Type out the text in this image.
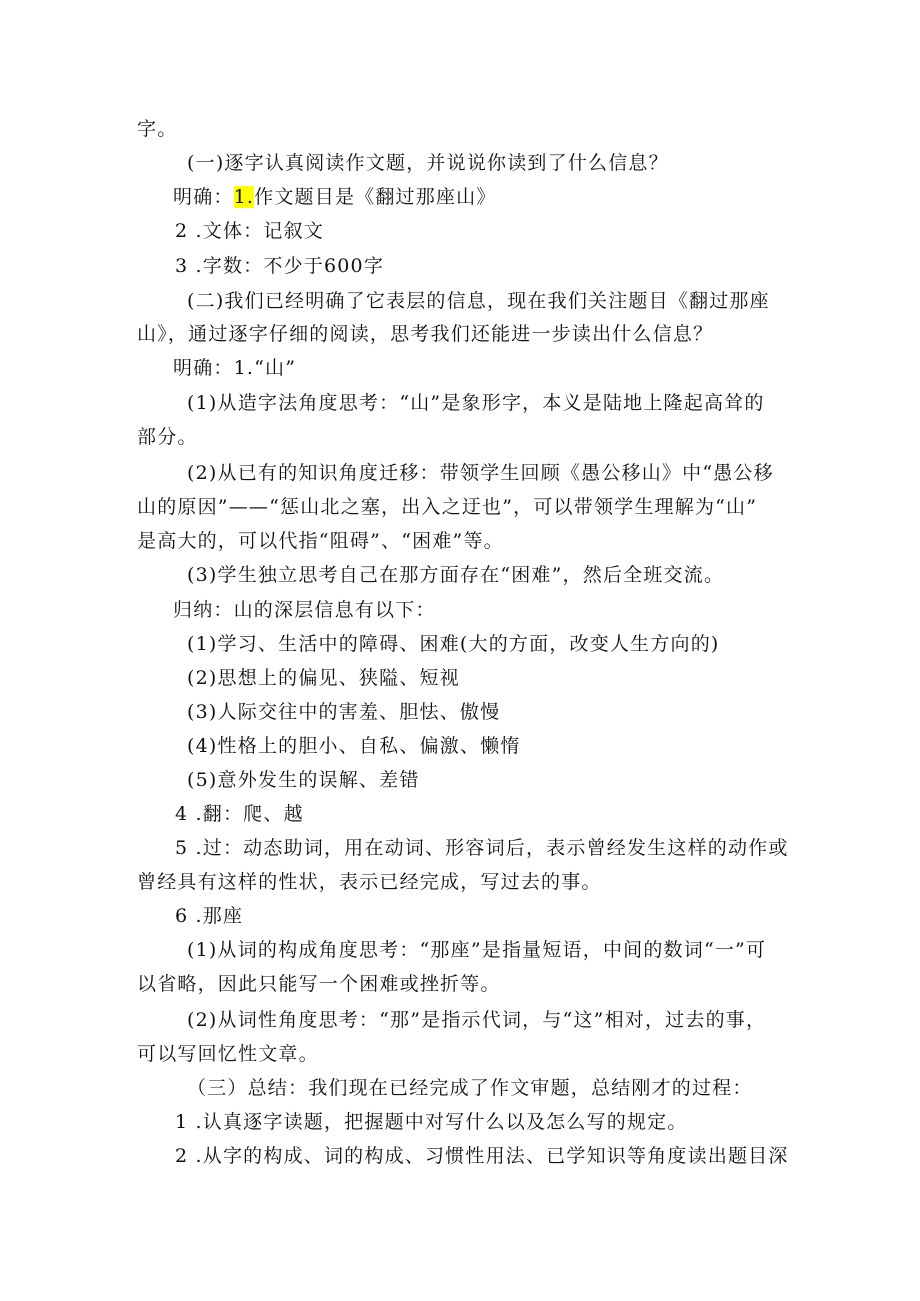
字。
(一)逐字认真阅读作文题，并说说你读到了什么信息？
明确：1.作文题目是《翻过那座山》
2 .文体：记叙文
3 .字数：不少于600字
(二)我们已经明确了它表层的信息，现在我们关注题目《翻过那座
山》，通过逐字仔细的阅读，思考我们还能进一步读出什么信息？
明确：1.“山”
(1)从造字法角度思考：“山”是象形字，本义是陆地上隆起高耸的
部分。
(2)从已有的知识角度迁移：带领学生回顾《愚公移山》中“愚公移
山的原因”——“惩山北之塞，出入之迂也”，可以带领学生理解为“山”
是高大的，可以代指“阻碍”、“困难”等。
(3)学生独立思考自己在那方面存在“困难”，然后全班交流。
归纳：山的深层信息有以下：
(1)学习、生活中的障碍、困难(大的方面，改变人生方向的)
(2)思想上的偏见、狭隘、短视
(3)人际交往中的害羞、胆怯、傲慢
(4)性格上的胆小、自私、偏激、懒惰
(5)意外发生的误解、差错
4 .翻：爬、越
5 .过：动态助词，用在动词、形容词后，表示曾经发生这样的动作或
曾经具有这样的性状，表示已经完成，写过去的事。
6 .那座
(1)从词的构成角度思考：“那座”是指量短语，中间的数词“一”可
以省略，因此只能写一个困难或挫折等。
(2)从词性角度思考：“那”是指示代词，与“这”相对，过去的事，
可以写回忆性文章。
（三）总结：我们现在已经完成了作文审题，总结刚才的过程：
1 .认真逐字读题，把握题中对写什么以及怎么写的规定。
2 .从字的构成、词的构成、习惯性用法、已学知识等角度读出题目深
